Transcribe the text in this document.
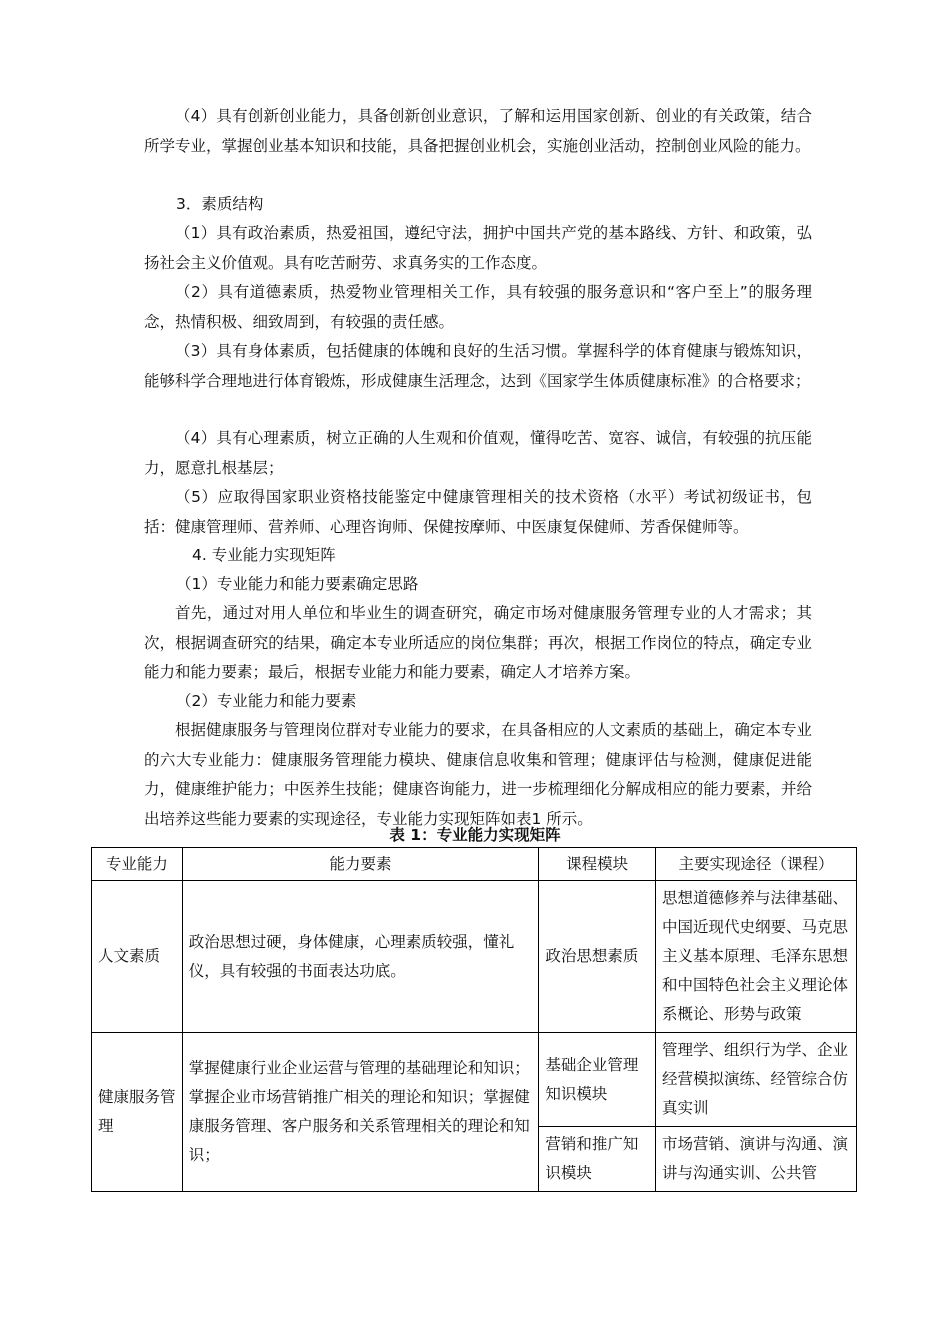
（4）具有创新创业能力，具备创新创业意识，了解和运用国家创新、创业的有关政策，结合所学专业，掌握创业基本知识和技能，具备把握创业机会，实施创业活动，控制创业风险的能力。

3．素质结构

（1）具有政治素质，热爱祖国，遵纪守法，拥护中国共产党的基本路线、方针、和政策，弘扬社会主义价值观。具有吃苦耐劳、求真务实的工作态度。

（2）具有道德素质，热爱物业管理相关工作，具有较强的服务意识和“客户至上”的服务理念，热情积极、细致周到，有较强的责任感。

（3）具有身体素质，包括健康的体魄和良好的生活习惯。掌握科学的体育健康与锻炼知识，能够科学合理地进行体育锻炼，形成健康生活理念，达到《国家学生体质健康标准》的合格要求；

（4）具有心理素质，树立正确的人生观和价值观，懂得吃苦、宽容、诚信，有较强的抗压能力，愿意扎根基层；

（5）应取得国家职业资格技能鉴定中健康管理相关的技术资格（水平）考试初级证书，包括：健康管理师、营养师、心理咨询师、保健按摩师、中医康复保健师、芳香保健师等。

4. 专业能力实现矩阵

（1）专业能力和能力要素确定思路

首先，通过对用人单位和毕业生的调查研究，确定市场对健康服务管理专业的人才需求；其次，根据调查研究的结果，确定本专业所适应的岗位集群；再次，根据工作岗位的特点，确定专业能力和能力要素；最后，根据专业能力和能力要素，确定人才培养方案。

（2）专业能力和能力要素

根据健康服务与管理岗位群对专业能力的要求，在具备相应的人文素质的基础上，确定本专业的六大专业能力：健康服务管理能力模块、健康信息收集和管理；健康评估与检测，健康促进能力，健康维护能力；中医养生技能；健康咨询能力，进一步梳理细化分解成相应的能力要素，并给出培养这些能力要素的实现途径，专业能力实现矩阵如表1 所示。

表 1：专业能力实现矩阵
专业能力	能力要素	课程模块	主要实现途径（课程）
人文素质	政治思想过硬，身体健康，心理素质较强，懂礼仪，具有较强的书面表达功底。	政治思想素质	思想道德修养与法律基础、中国近现代史纲要、马克思主义基本原理、毛泽东思想和中国特色社会主义理论体系概论、形势与政策
健康服务管理	掌握健康行业企业运营与管理的基础理论和知识；掌握企业市场营销推广相关的理论和知识；掌握健康服务管理、客户服务和关系管理相关的理论和知识；	基础企业管理知识模块	管理学、组织行为学、企业经营模拟演练、经管综合仿真实训
		营销和推广知识模块	市场营销、演讲与沟通、演讲与沟通实训、公共管
